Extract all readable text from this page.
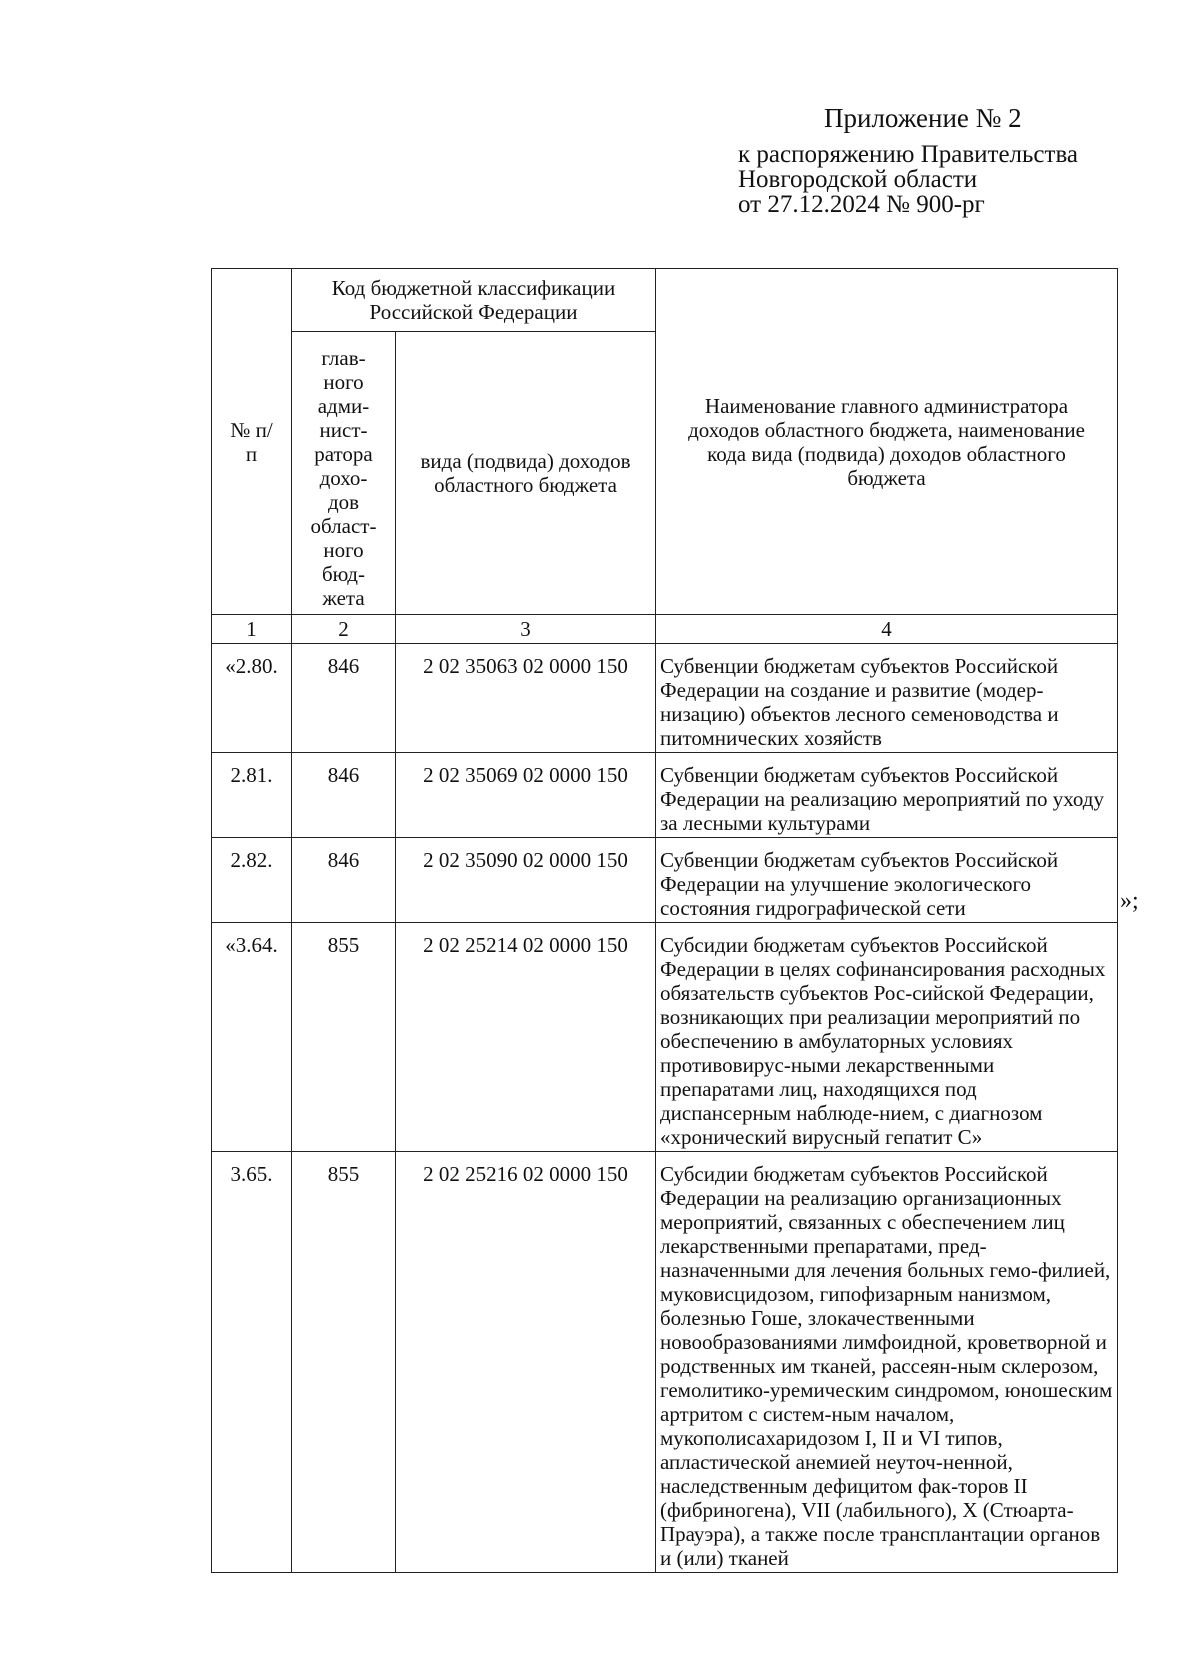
Приложение № 2
к распоряжению Правительства
Новгородской области
от 27.12.2024 № 900-рг
№ п/п	Код бюджетной классификации Российской Федерации		Наименование главного администратора доходов областного бюджета, наименование кода вида (подвида) доходов областного бюджета
	глав-ного адми-нист-ратора дохо-дов област-ного бюд-жета	вида (подвида) доходов областного бюджета	
1	2	3	4
«2.80.	846	2 02 35063 02 0000 150	Субвенции бюджетам субъектов Российской Федерации на создание и развитие (модер-низацию) объектов лесного семеноводства и питомнических хозяйств
2.81.	846	2 02 35069 02 0000 150	Субвенции бюджетам субъектов Российской Федерации на реализацию мероприятий по уходу за лесными культурами
2.82.	846	2 02 35090 02 0000 150	Субвенции бюджетам субъектов Российской Федерации на улучшение экологического состояния гидрографической сети
«3.64.	855	2 02 25214 02 0000 150	Субсидии бюджетам субъектов Российской Федерации в целях софинансирования расходных обязательств субъектов Рос-сийской Федерации, возникающих при реализации мероприятий по обеспечению в амбулаторных условиях противовирус-ными лекарственными препаратами лиц, находящихся под диспансерным наблюде-нием, с диагнозом «хронический вирусный гепатит С»
3.65.	855	2 02 25216 02 0000 150	Субсидии бюджетам субъектов Российской Федерации на реализацию организационных мероприятий, связанных с обеспечением лиц лекарственными препаратами, пред-назначенными для лечения больных гемо-филией, муковисцидозом, гипофизарным нанизмом, болезнью Гоше, злокачественными новообразованиями лимфоидной, кроветворной и родственных им тканей, рассеян-ным склерозом, гемолитико-уремическим синдромом, юношеским артритом с систем-ным началом, мукополисахаридозом I, II и VI типов, апластической анемией неуточ-ненной, наследственным дефицитом фак-торов II (фибриногена), VII (лабильного), X (Стюарта-Прауэра), а также после трансплантации органов и (или) тканей
»;
